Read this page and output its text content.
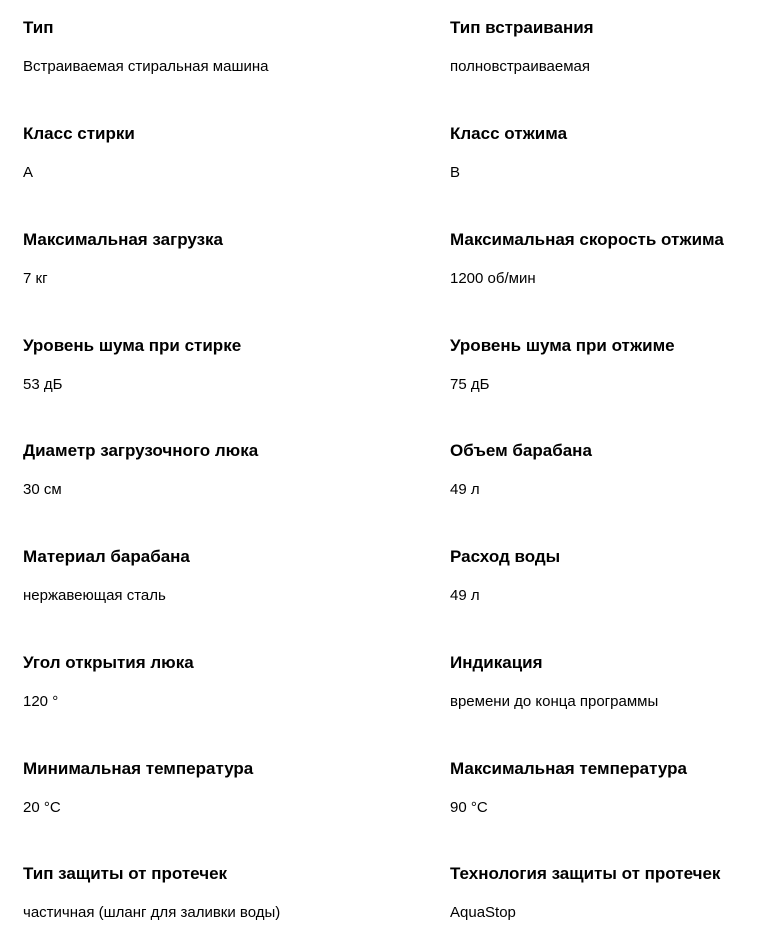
Тип
Встраиваемая стиральная машина
Тип встраивания
полновстраиваемая
Класс стирки
A
Класс отжима
B
Максимальная загрузка
7 кг
Максимальная скорость отжима
1200 об/мин
Уровень шума при стирке
53 дБ
Уровень шума при отжиме
75 дБ
Диаметр загрузочного люка
30 см
Объем барабана
49 л
Материал барабана
нержавеющая сталь
Расход воды
49 л
Угол открытия люка
120 °
Индикация
времени до конца программы
Минимальная температура
20 °С
Максимальная температура
90 °С
Тип защиты от протечек
частичная (шланг для заливки воды)
Технология защиты от протечек
AquaStop
